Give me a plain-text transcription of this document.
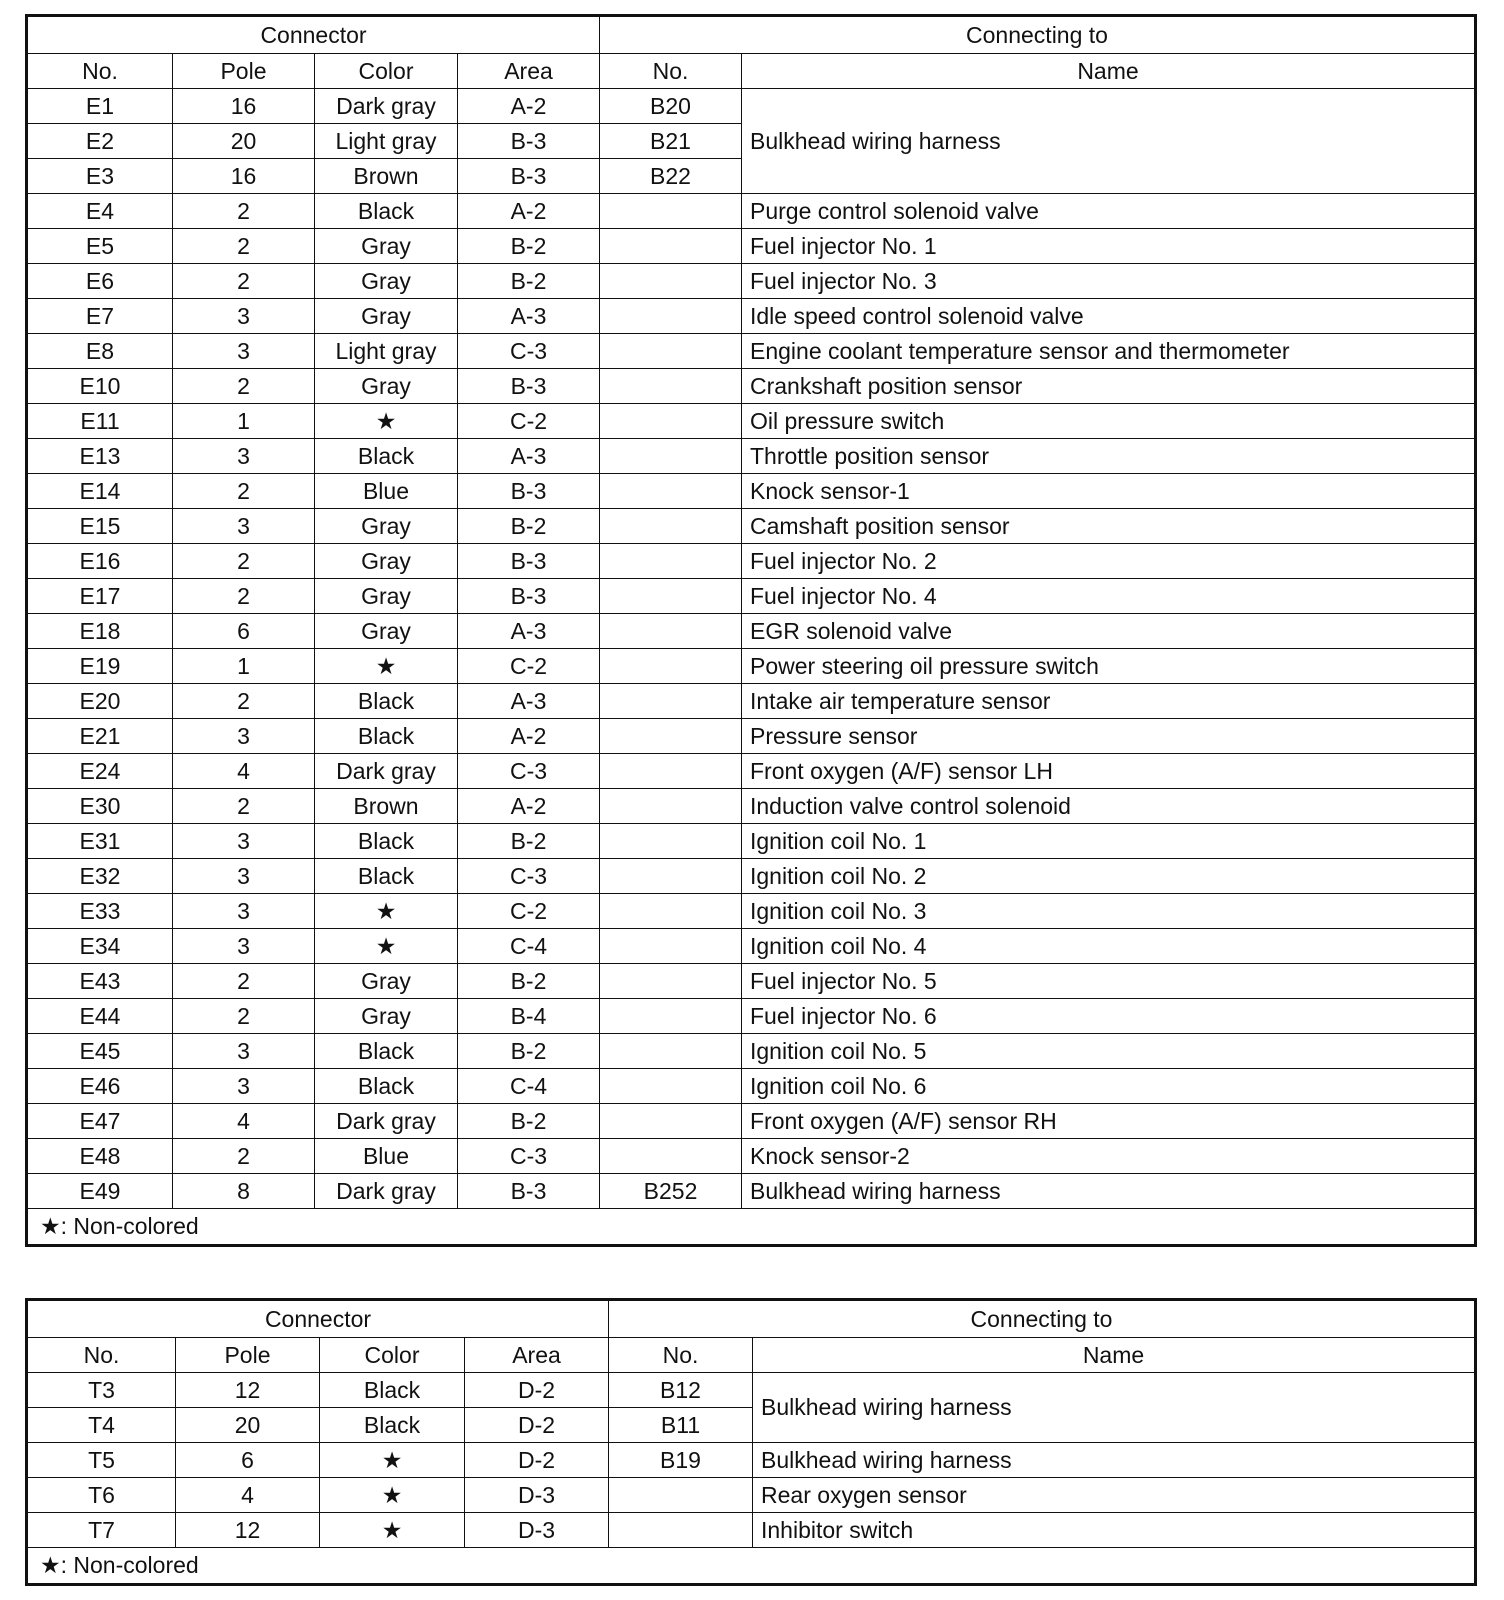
Connector				Connecting to	
No.	Pole	Color	Area	No.	Name
E1	16	Dark gray	A-2	B20	Bulkhead wiring harness
E2	20	Light gray	B-3	B21	
E3	16	Brown	B-3	B22	
E4	2	Black	A-2		Purge control solenoid valve
E5	2	Gray	B-2		Fuel injector No. 1
E6	2	Gray	B-2		Fuel injector No. 3
E7	3	Gray	A-3		Idle speed control solenoid valve
E8	3	Light gray	C-3		Engine coolant temperature sensor and thermometer
E10	2	Gray	B-3		Crankshaft position sensor
E11	1	★	C-2		Oil pressure switch
E13	3	Black	A-3		Throttle position sensor
E14	2	Blue	B-3		Knock sensor-1
E15	3	Gray	B-2		Camshaft position sensor
E16	2	Gray	B-3		Fuel injector No. 2
E17	2	Gray	B-3		Fuel injector No. 4
E18	6	Gray	A-3		EGR solenoid valve
E19	1	★	C-2		Power steering oil pressure switch
E20	2	Black	A-3		Intake air temperature sensor
E21	3	Black	A-2		Pressure sensor
E24	4	Dark gray	C-3		Front oxygen (A/F) sensor LH
E30	2	Brown	A-2		Induction valve control solenoid
E31	3	Black	B-2		Ignition coil No. 1
E32	3	Black	C-3		Ignition coil No. 2
E33	3	★	C-2		Ignition coil No. 3
E34	3	★	C-4		Ignition coil No. 4
E43	2	Gray	B-2		Fuel injector No. 5
E44	2	Gray	B-4		Fuel injector No. 6
E45	3	Black	B-2		Ignition coil No. 5
E46	3	Black	C-4		Ignition coil No. 6
E47	4	Dark gray	B-2		Front oxygen (A/F) sensor RH
E48	2	Blue	C-3		Knock sensor-2
E49	8	Dark gray	B-3	B252	Bulkhead wiring harness
★: Non-colored					
Connector				Connecting to	
No.	Pole	Color	Area	No.	Name
T3	12	Black	D-2	B12	Bulkhead wiring harness
T4	20	Black	D-2	B11	
T5	6	★	D-2	B19	Bulkhead wiring harness
T6	4	★	D-3		Rear oxygen sensor
T7	12	★	D-3		Inhibitor switch
★: Non-colored					
